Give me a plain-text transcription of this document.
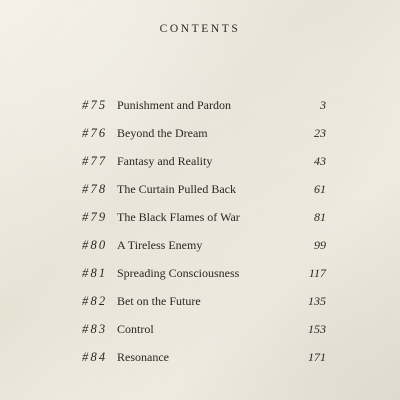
CONTENTS
#75 Punishment and Pardon	3
#76 Beyond the Dream	23
#77 Fantasy and Reality	43
#78 The Curtain Pulled Back	61
#79 The Black Flames of War	81
#80 A Tireless Enemy	99
#81 Spreading Consciousness	117
#82 Bet on the Future	135
#83 Control	153
#84 Resonance	171
